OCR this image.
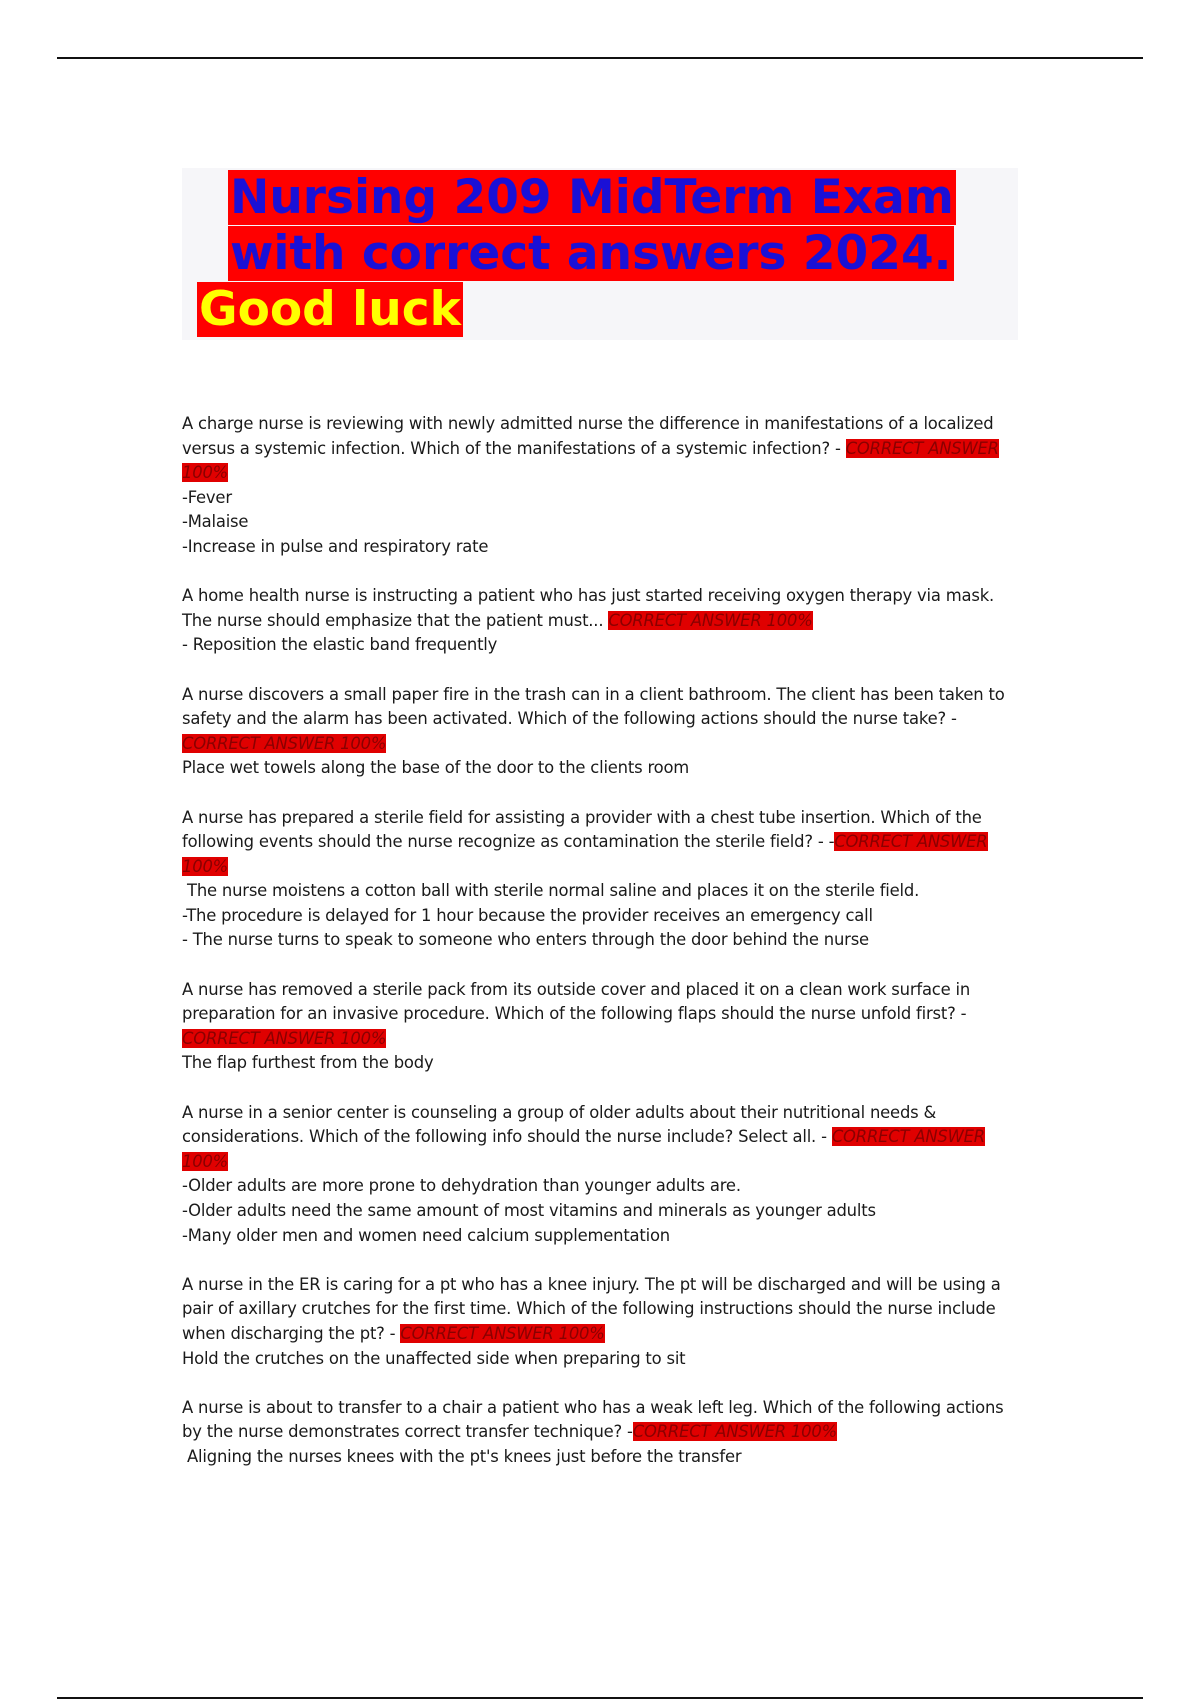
Nursing 209 MidTerm Exam
with correct answers 2024.
Good luck

A charge nurse is reviewing with newly admitted nurse the difference in manifestations of a localized versus a systemic infection. Which of the manifestations of a systemic infection? - CORRECT ANSWER 100%

-Fever

-Malaise

-Increase in pulse and respiratory rate

A home health nurse is instructing a patient who has just started receiving oxygen therapy via mask. The nurse should emphasize that the patient must... CORRECT ANSWER 100%

- Reposition the elastic band frequently

A nurse discovers a small paper fire in the trash can in a client bathroom. The client has been taken to safety and the alarm has been activated. Which of the following actions should the nurse take? - CORRECT ANSWER 100%

Place wet towels along the base of the door to the clients room

A nurse has prepared a sterile field for assisting a provider with a chest tube insertion. Which of the following events should the nurse recognize as contamination the sterile field? - -CORRECT ANSWER 100%

The nurse moistens a cotton ball with sterile normal saline and places it on the sterile field.

-The procedure is delayed for 1 hour because the provider receives an emergency call

- The nurse turns to speak to someone who enters through the door behind the nurse

A nurse has removed a sterile pack from its outside cover and placed it on a clean work surface in preparation for an invasive procedure. Which of the following flaps should the nurse unfold first? - CORRECT ANSWER 100%

The flap furthest from the body

A nurse in a senior center is counseling a group of older adults about their nutritional needs & considerations. Which of the following info should the nurse include? Select all. - CORRECT ANSWER 100%

-Older adults are more prone to dehydration than younger adults are.

-Older adults need the same amount of most vitamins and minerals as younger adults

-Many older men and women need calcium supplementation

A nurse in the ER is caring for a pt who has a knee injury. The pt will be discharged and will be using a pair of axillary crutches for the first time. Which of the following instructions should the nurse include when discharging the pt? - CORRECT ANSWER 100%

Hold the crutches on the unaffected side when preparing to sit

A nurse is about to transfer to a chair a patient who has a weak left leg. Which of the following actions by the nurse demonstrates correct transfer technique? -CORRECT ANSWER 100%

Aligning the nurses knees with the pt's knees just before the transfer
